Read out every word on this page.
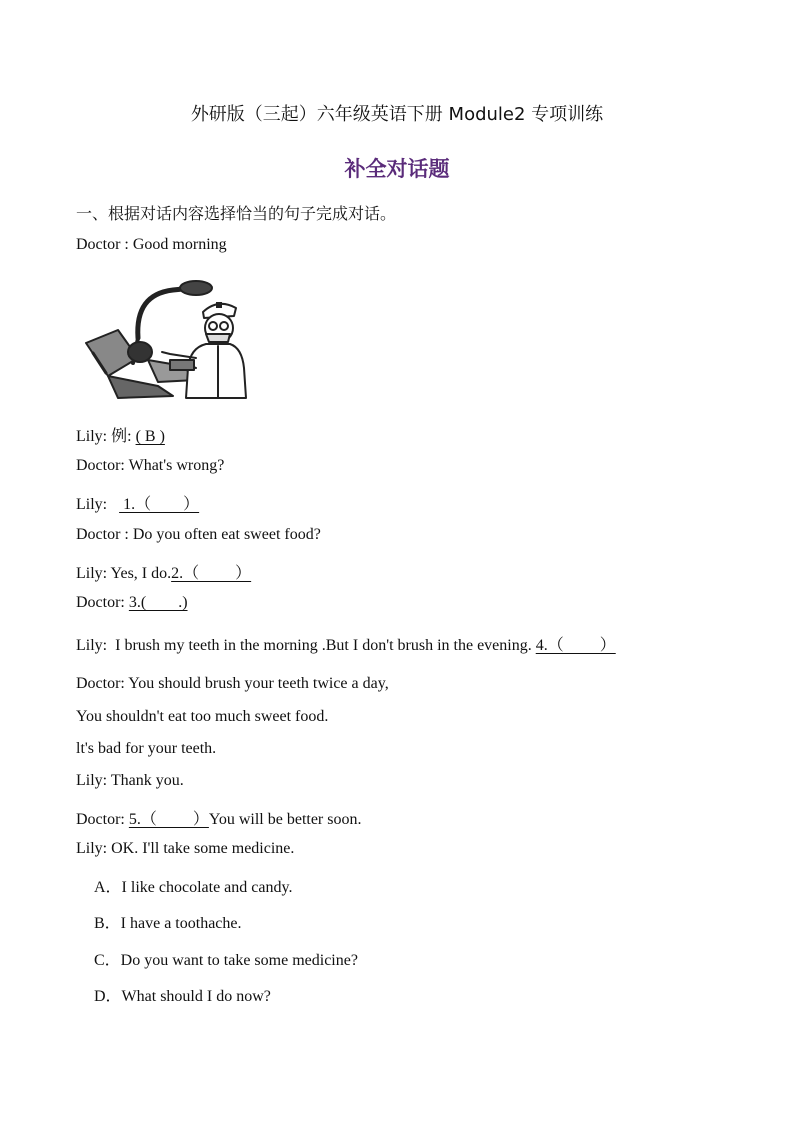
外研版（三起）六年级英语下册 Module2 专项训练
补全对话题
一、根据对话内容选择恰当的句子完成对话。
Doctor : Good morning
Lily: 例: ( B )
Doctor: What's wrong?
Lily:    1.（        ）
Doctor : Do you often eat sweet food?
Lily: Yes, I do.2.（         ）
Doctor: 3.(        .)
Lily:  I brush my teeth in the morning .But I don't brush in the evening. 4.（         ）
Doctor: You should brush your teeth twice a day,
You shouldn't eat too much sweet food.
lt's bad for your teeth.
Lily: Thank you.
Doctor: 5.（         ）You will be better soon.
Lily: OK. I'll take some medicine.
A．I like chocolate and candy.
B．I have a toothache.
C．Do you want to take some medicine?
D．What should I do now?
